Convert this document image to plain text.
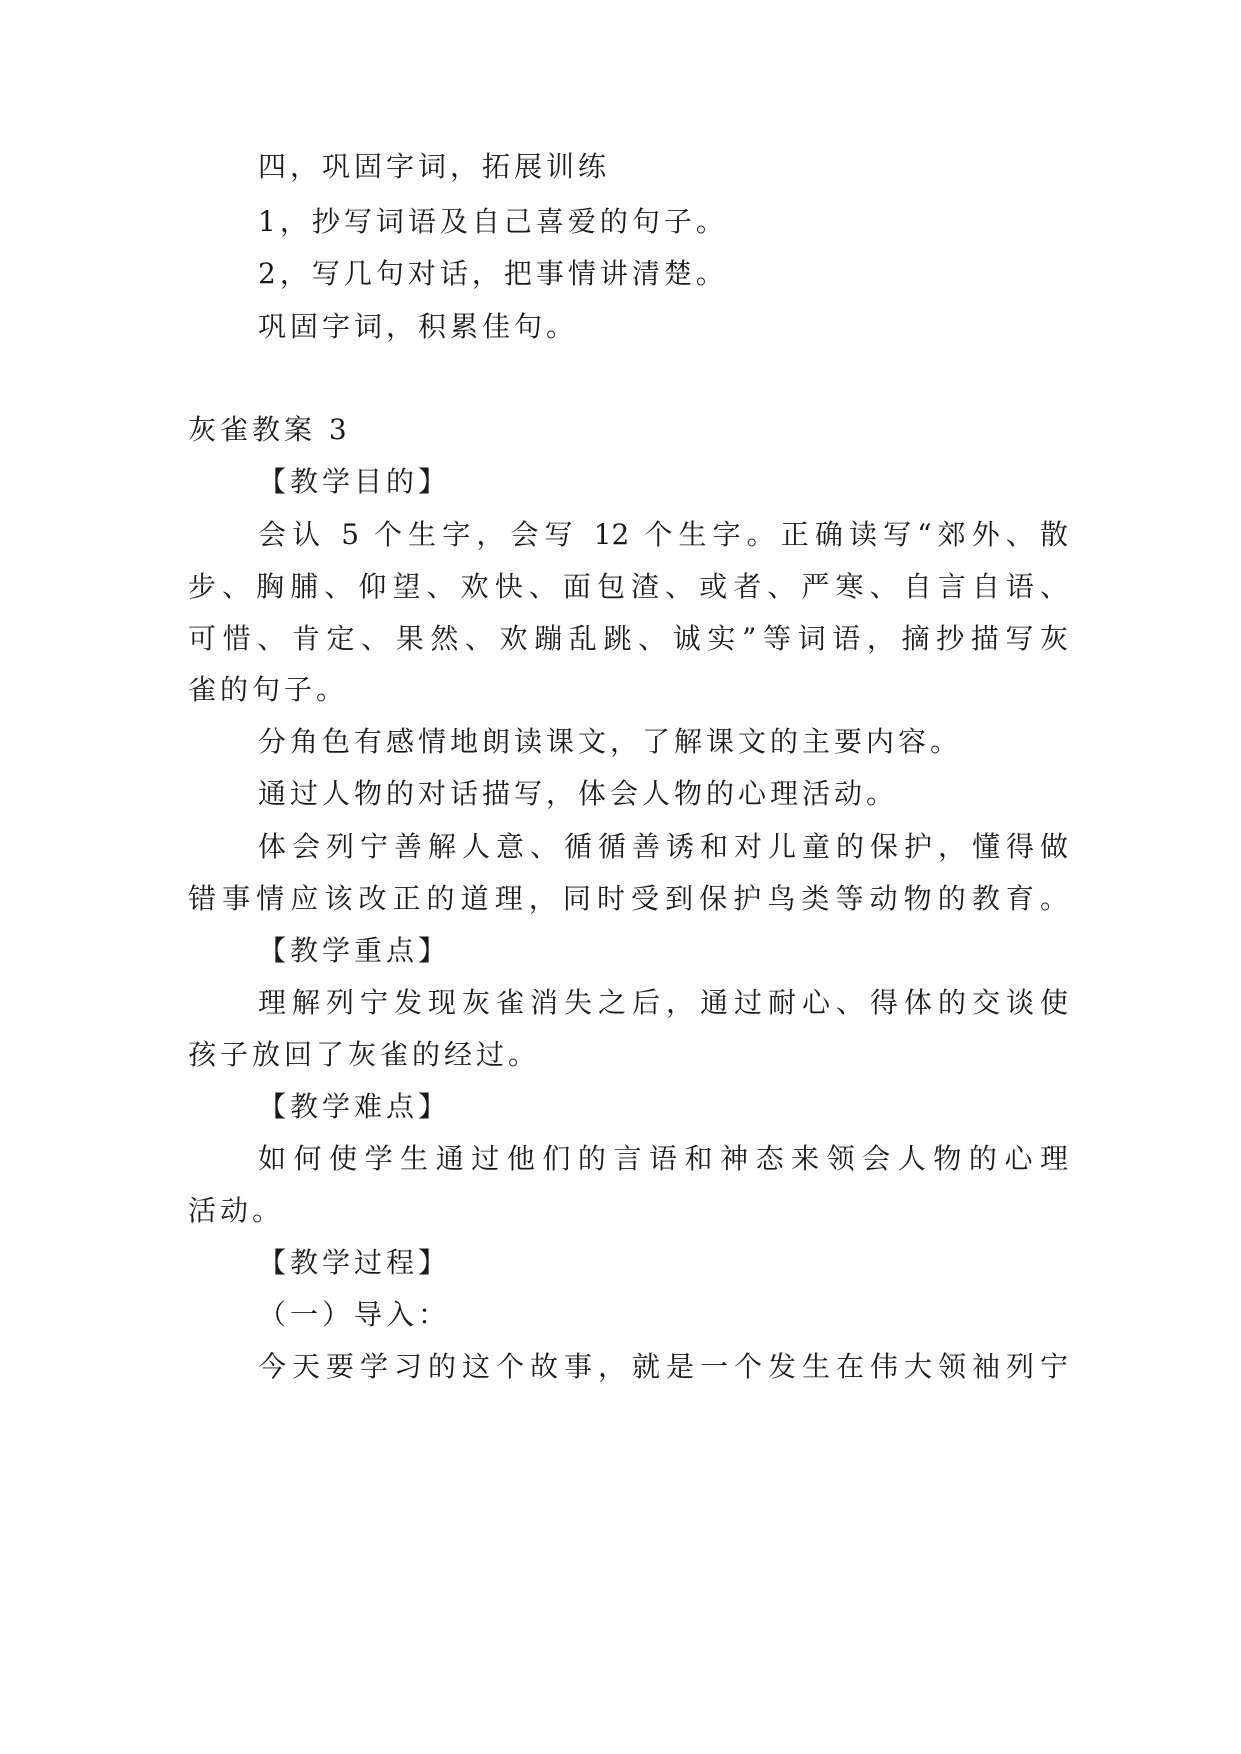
四，巩固字词，拓展训练
1，抄写词语及自己喜爱的句子。
2，写几句对话，把事情讲清楚。
巩固字词，积累佳句。
灰雀教案 3
【教学目的】
会认 5 个生字，会写 12 个生字。正确读写“郊外、散
步、胸脯、仰望、欢快、面包渣、或者、严寒、自言自语、
可惜、肯定、果然、欢蹦乱跳、诚实”等词语，摘抄描写灰
雀的句子。
分角色有感情地朗读课文，了解课文的主要内容。
通过人物的对话描写，体会人物的心理活动。
体会列宁善解人意、循循善诱和对儿童的保护，懂得做
错事情应该改正的道理，同时受到保护鸟类等动物的教育。
【教学重点】
理解列宁发现灰雀消失之后，通过耐心、得体的交谈使
孩子放回了灰雀的经过。
【教学难点】
如何使学生通过他们的言语和神态来领会人物的心理
活动。
【教学过程】
（一）导入：
今天要学习的这个故事，就是一个发生在伟大领袖列宁
